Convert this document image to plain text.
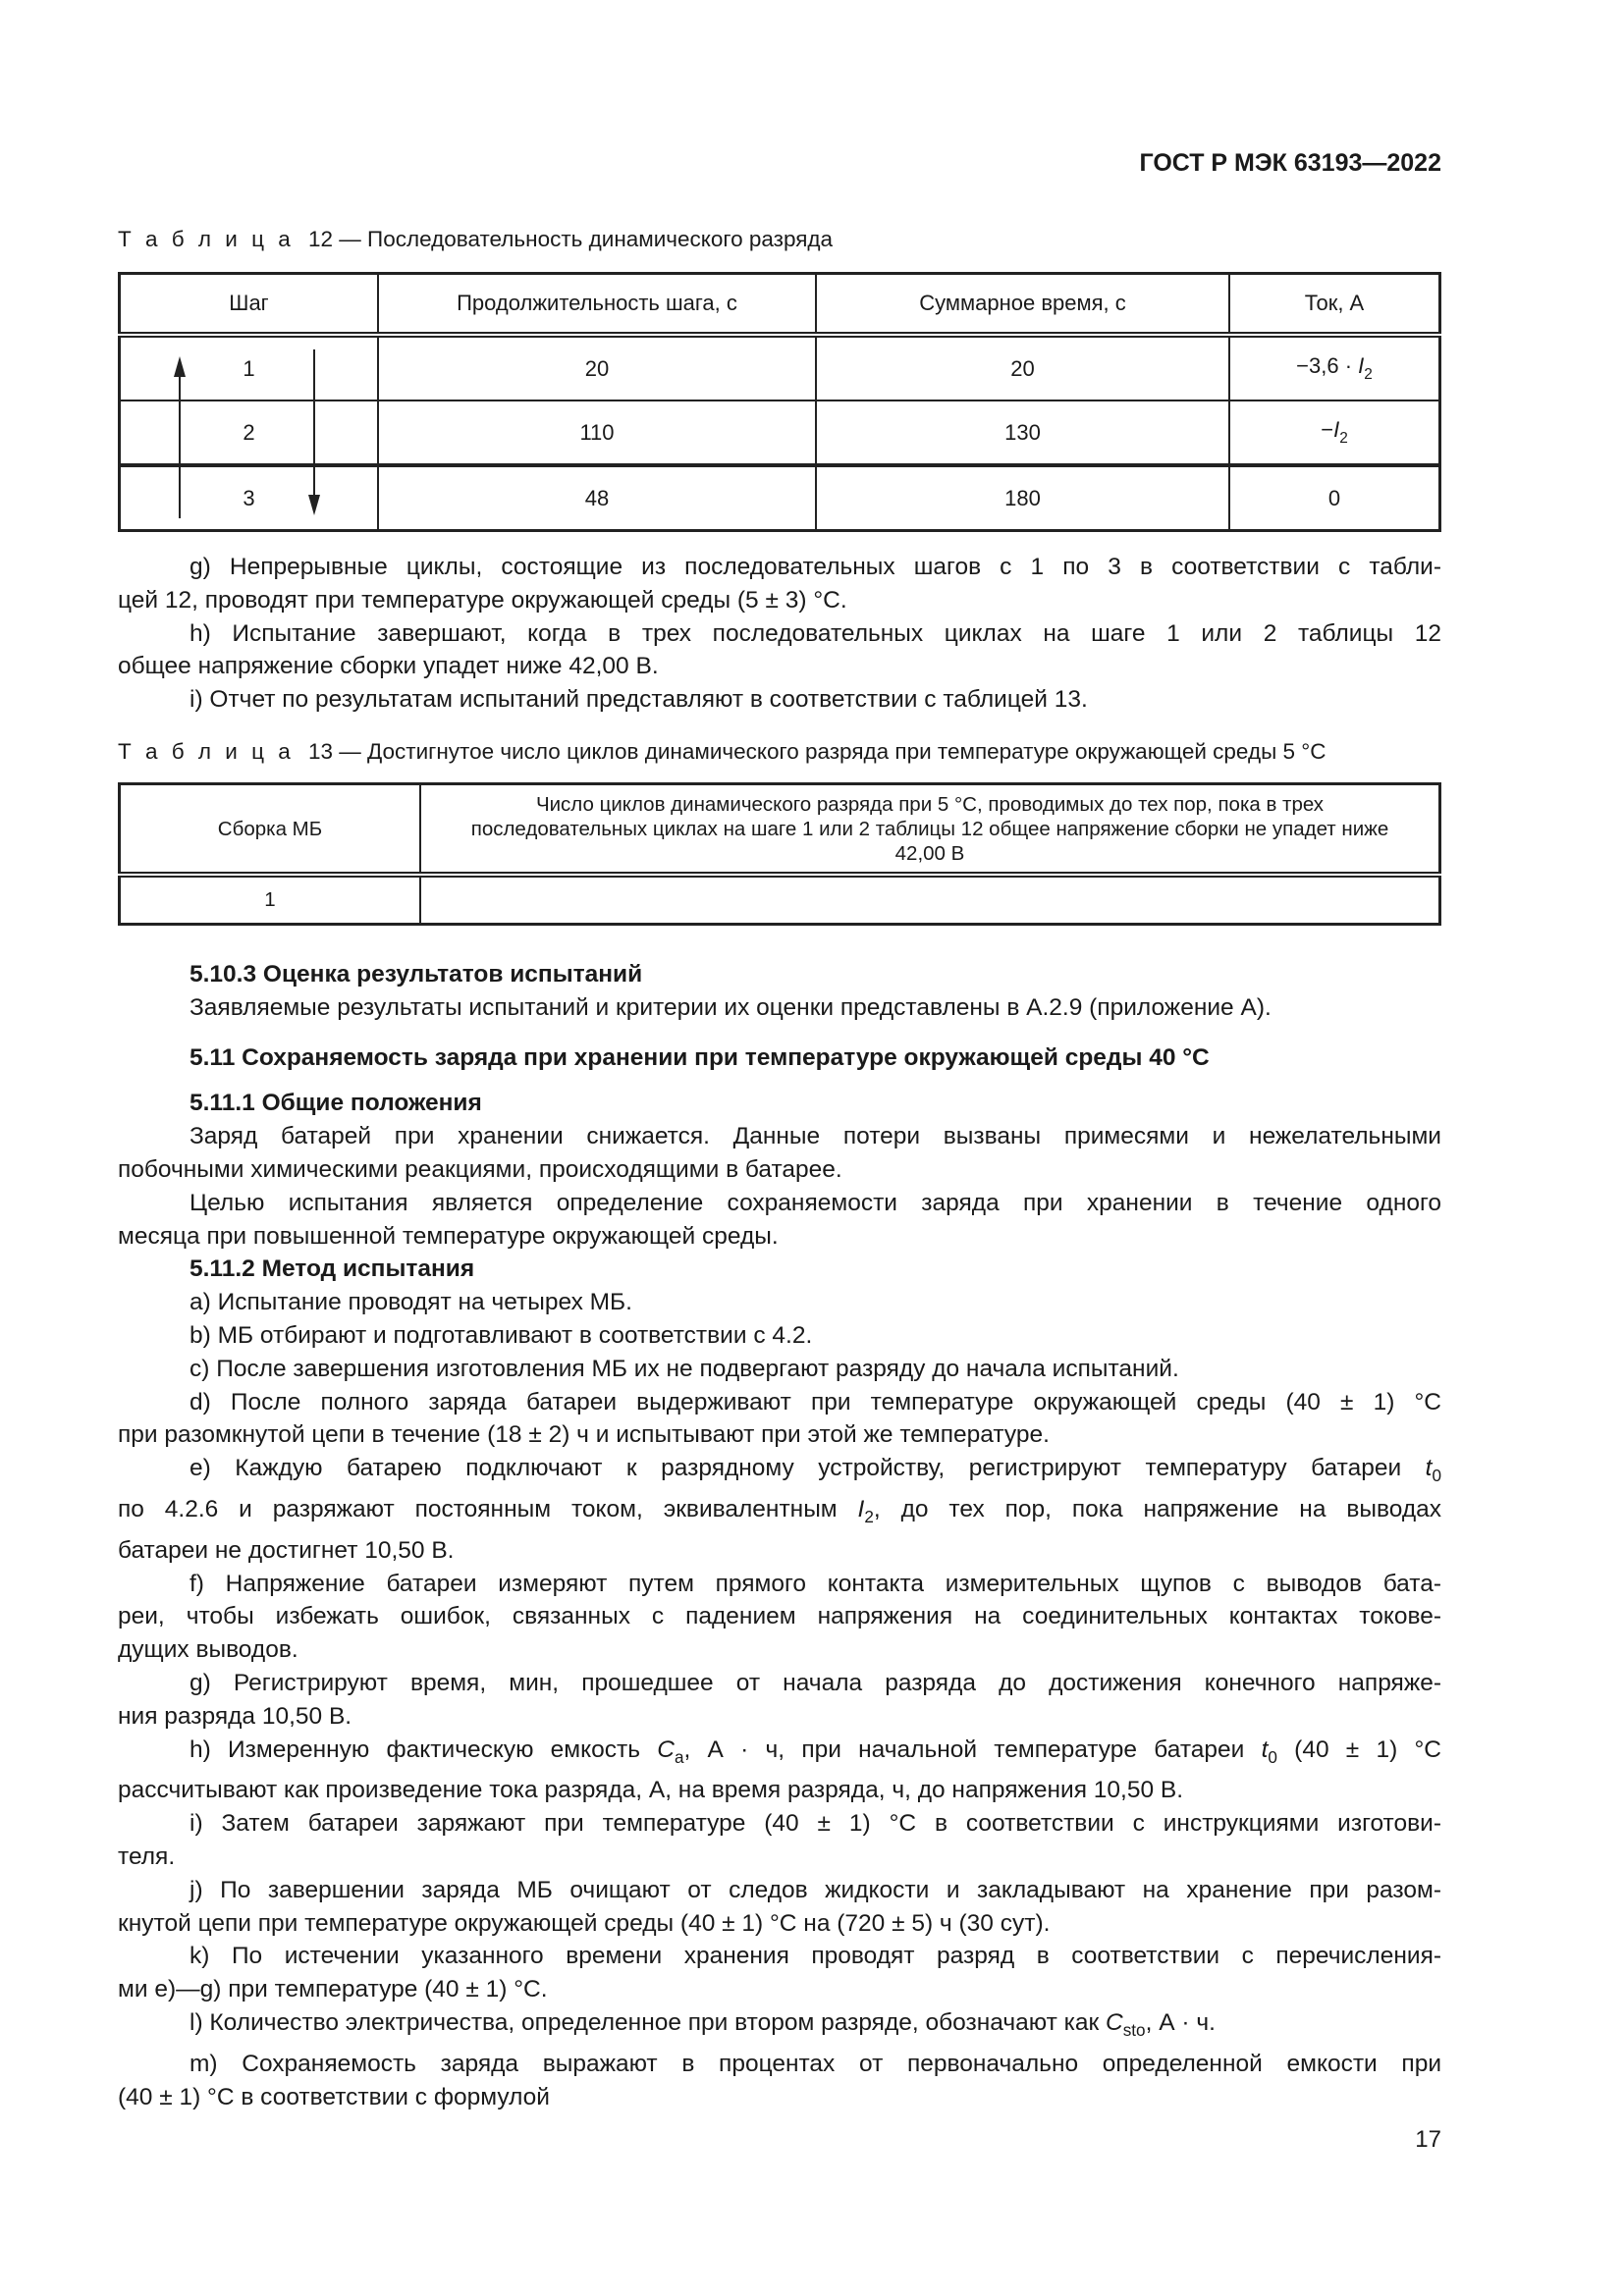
ГОСТ Р МЭК 63193—2022
Т а б л и ц а 12 — Последовательность динамического разряда
Шаг	Продолжительность шага, с	Суммарное время, с	Ток, А
1	20	20	$-3,6 \cdot I_2$
2	110	130	$-I_2$
3	48	180	0
g) Непрерывные циклы, состоящие из последовательных шагов с 1 по 3 в соответствии с табли-
цей 12, проводят при температуре окружающей среды (5 ± 3) °С.
h) Испытание завершают, когда в трех последовательных циклах на шаге 1 или 2 таблицы 12
общее напряжение сборки упадет ниже 42,00 В.
i) Отчет по результатам испытаний представляют в соответствии с таблицей 13.
Т а б л и ц а 13 — Достигнутое число циклов динамического разряда при температуре окружающей среды 5 °С
Сборка МБ	Число циклов динамического разряда при 5 °С, проводимых до тех пор, пока в трех последовательных циклах на шаге 1 или 2 таблицы 12 общее напряжение сборки не упадет ниже 42,00 В
1	
5.10.3 Оценка результатов испытаний
Заявляемые результаты испытаний и критерии их оценки представлены в А.2.9 (приложение А).
5.11 Сохраняемость заряда при хранении при температуре окружающей среды 40 °С
5.11.1 Общие положения
Заряд батарей при хранении снижается. Данные потери вызваны примесями и нежелательными
побочными химическими реакциями, происходящими в батарее.
Целью испытания является определение сохраняемости заряда при хранении в течение одного
месяца при повышенной температуре окружающей среды.
5.11.2 Метод испытания
a) Испытание проводят на четырех МБ.
b) МБ отбирают и подготавливают в соответствии с 4.2.
c) После завершения изготовления МБ их не подвергают разряду до начала испытаний.
d) После полного заряда батареи выдерживают при температуре окружающей среды (40 ± 1) °С
при разомкнутой цепи в течение (18 ± 2) ч и испытывают при этой же температуре.
e) Каждую батарею подключают к разрядному устройству, регистрируют температуру батареи $t_0$
по 4.2.6 и разряжают постоянным током, эквивалентным $I_2$, до тех пор, пока напряжение на выводах
батареи не достигнет 10,50 В.
f) Напряжение батареи измеряют путем прямого контакта измерительных щупов с выводов бата-
реи, чтобы избежать ошибок, связанных с падением напряжения на соединительных контактах токове-
дущих выводов.
g) Регистрируют время, мин, прошедшее от начала разряда до достижения конечного напряже-
ния разряда 10,50 В.
h) Измеренную фактическую емкость $C_a$, А · ч, при начальной температуре батареи $t_0$ (40 ± 1) °С
рассчитывают как произведение тока разряда, А, на время разряда, ч, до напряжения 10,50 В.
i) Затем батареи заряжают при температуре (40 ± 1) °С в соответствии с инструкциями изготови-
теля.
j) По завершении заряда МБ очищают от следов жидкости и закладывают на хранение при разом-
кнутой цепи при температуре окружающей среды (40 ± 1) °С на (720 ± 5) ч (30 сут).
k) По истечении указанного времени хранения проводят разряд в соответствии с перечисления-
ми е)—g) при температуре (40 ± 1) °С.
l) Количество электричества, определенное при втором разряде, обозначают как $C_{sto}$, А · ч.
m) Сохраняемость заряда выражают в процентах от первоначально определенной емкости при
(40 ± 1) °С в соответствии с формулой
17
